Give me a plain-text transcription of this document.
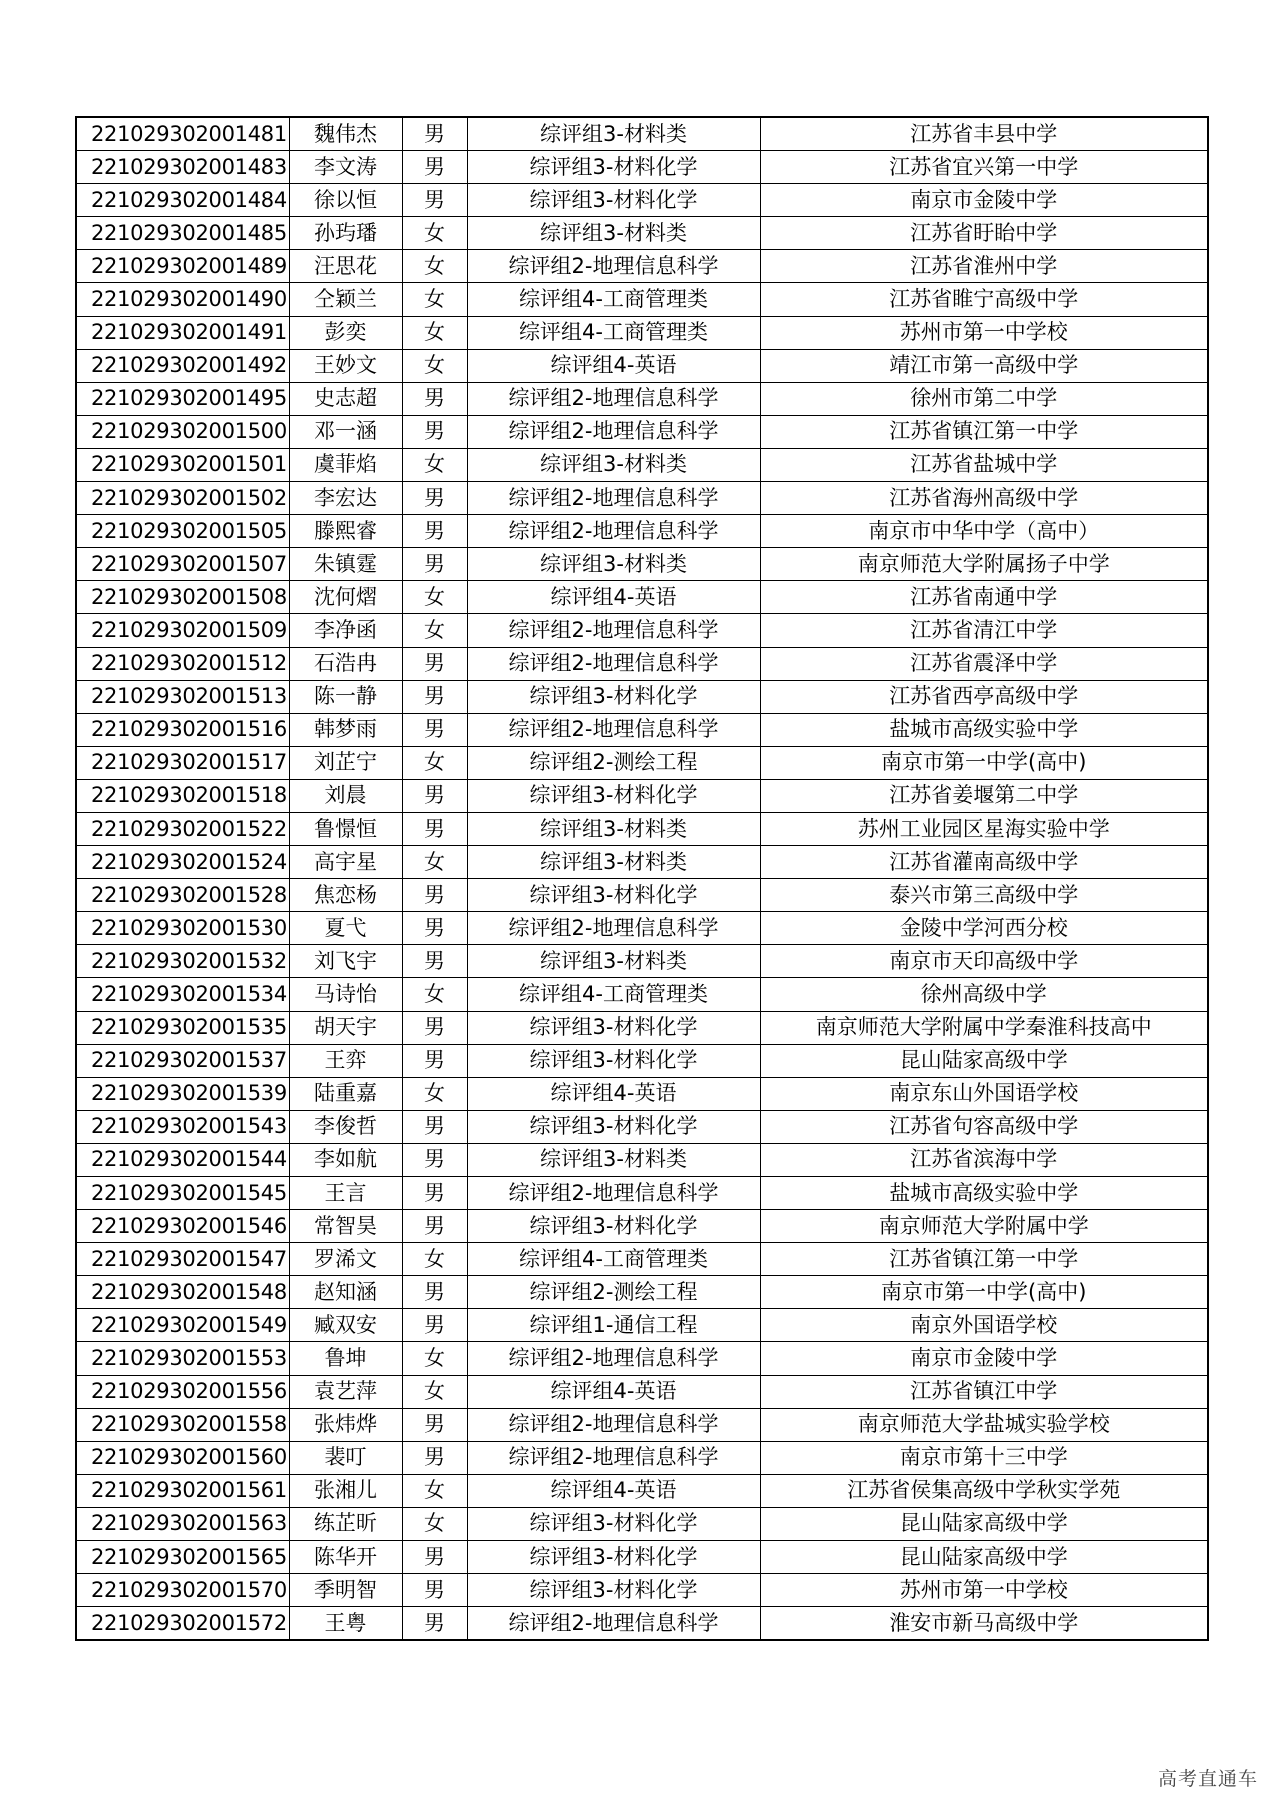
221029302001481	魏伟杰	男	综评组3-材料类	江苏省丰县中学
221029302001483	李文涛	男	综评组3-材料化学	江苏省宜兴第一中学
221029302001484	徐以恒	男	综评组3-材料化学	南京市金陵中学
221029302001485	孙玙璠	女	综评组3-材料类	江苏省盱眙中学
221029302001489	汪思花	女	综评组2-地理信息科学	江苏省淮州中学
221029302001490	仝颖兰	女	综评组4-工商管理类	江苏省睢宁高级中学
221029302001491	彭奕	女	综评组4-工商管理类	苏州市第一中学校
221029302001492	王妙文	女	综评组4-英语	靖江市第一高级中学
221029302001495	史志超	男	综评组2-地理信息科学	徐州市第二中学
221029302001500	邓一涵	男	综评组2-地理信息科学	江苏省镇江第一中学
221029302001501	虞菲焰	女	综评组3-材料类	江苏省盐城中学
221029302001502	李宏达	男	综评组2-地理信息科学	江苏省海州高级中学
221029302001505	滕熙睿	男	综评组2-地理信息科学	南京市中华中学（高中）
221029302001507	朱镇霆	男	综评组3-材料类	南京师范大学附属扬子中学
221029302001508	沈何熠	女	综评组4-英语	江苏省南通中学
221029302001509	李净函	女	综评组2-地理信息科学	江苏省清江中学
221029302001512	石浩冉	男	综评组2-地理信息科学	江苏省震泽中学
221029302001513	陈一静	男	综评组3-材料化学	江苏省西亭高级中学
221029302001516	韩梦雨	男	综评组2-地理信息科学	盐城市高级实验中学
221029302001517	刘芷宁	女	综评组2-测绘工程	南京市第一中学(高中)
221029302001518	刘晨	男	综评组3-材料化学	江苏省姜堰第二中学
221029302001522	鲁憬恒	男	综评组3-材料类	苏州工业园区星海实验中学
221029302001524	高宇星	女	综评组3-材料类	江苏省灌南高级中学
221029302001528	焦恋杨	男	综评组3-材料化学	泰兴市第三高级中学
221029302001530	夏弋	男	综评组2-地理信息科学	金陵中学河西分校
221029302001532	刘飞宇	男	综评组3-材料类	南京市天印高级中学
221029302001534	马诗怡	女	综评组4-工商管理类	徐州高级中学
221029302001535	胡天宇	男	综评组3-材料化学	南京师范大学附属中学秦淮科技高中
221029302001537	王弈	男	综评组3-材料化学	昆山陆家高级中学
221029302001539	陆重嘉	女	综评组4-英语	南京东山外国语学校
221029302001543	李俊哲	男	综评组3-材料化学	江苏省句容高级中学
221029302001544	李如航	男	综评组3-材料类	江苏省滨海中学
221029302001545	王言	男	综评组2-地理信息科学	盐城市高级实验中学
221029302001546	常智昊	男	综评组3-材料化学	南京师范大学附属中学
221029302001547	罗浠文	女	综评组4-工商管理类	江苏省镇江第一中学
221029302001548	赵知涵	男	综评组2-测绘工程	南京市第一中学(高中)
221029302001549	臧双安	男	综评组1-通信工程	南京外国语学校
221029302001553	鲁坤	女	综评组2-地理信息科学	南京市金陵中学
221029302001556	袁艺萍	女	综评组4-英语	江苏省镇江中学
221029302001558	张炜烨	男	综评组2-地理信息科学	南京师范大学盐城实验学校
221029302001560	裴叮	男	综评组2-地理信息科学	南京市第十三中学
221029302001561	张湘儿	女	综评组4-英语	江苏省侯集高级中学秋实学苑
221029302001563	练芷昕	女	综评组3-材料化学	昆山陆家高级中学
221029302001565	陈华开	男	综评组3-材料化学	昆山陆家高级中学
221029302001570	季明智	男	综评组3-材料化学	苏州市第一中学校
221029302001572	王粤	男	综评组2-地理信息科学	淮安市新马高级中学
高考直通车
